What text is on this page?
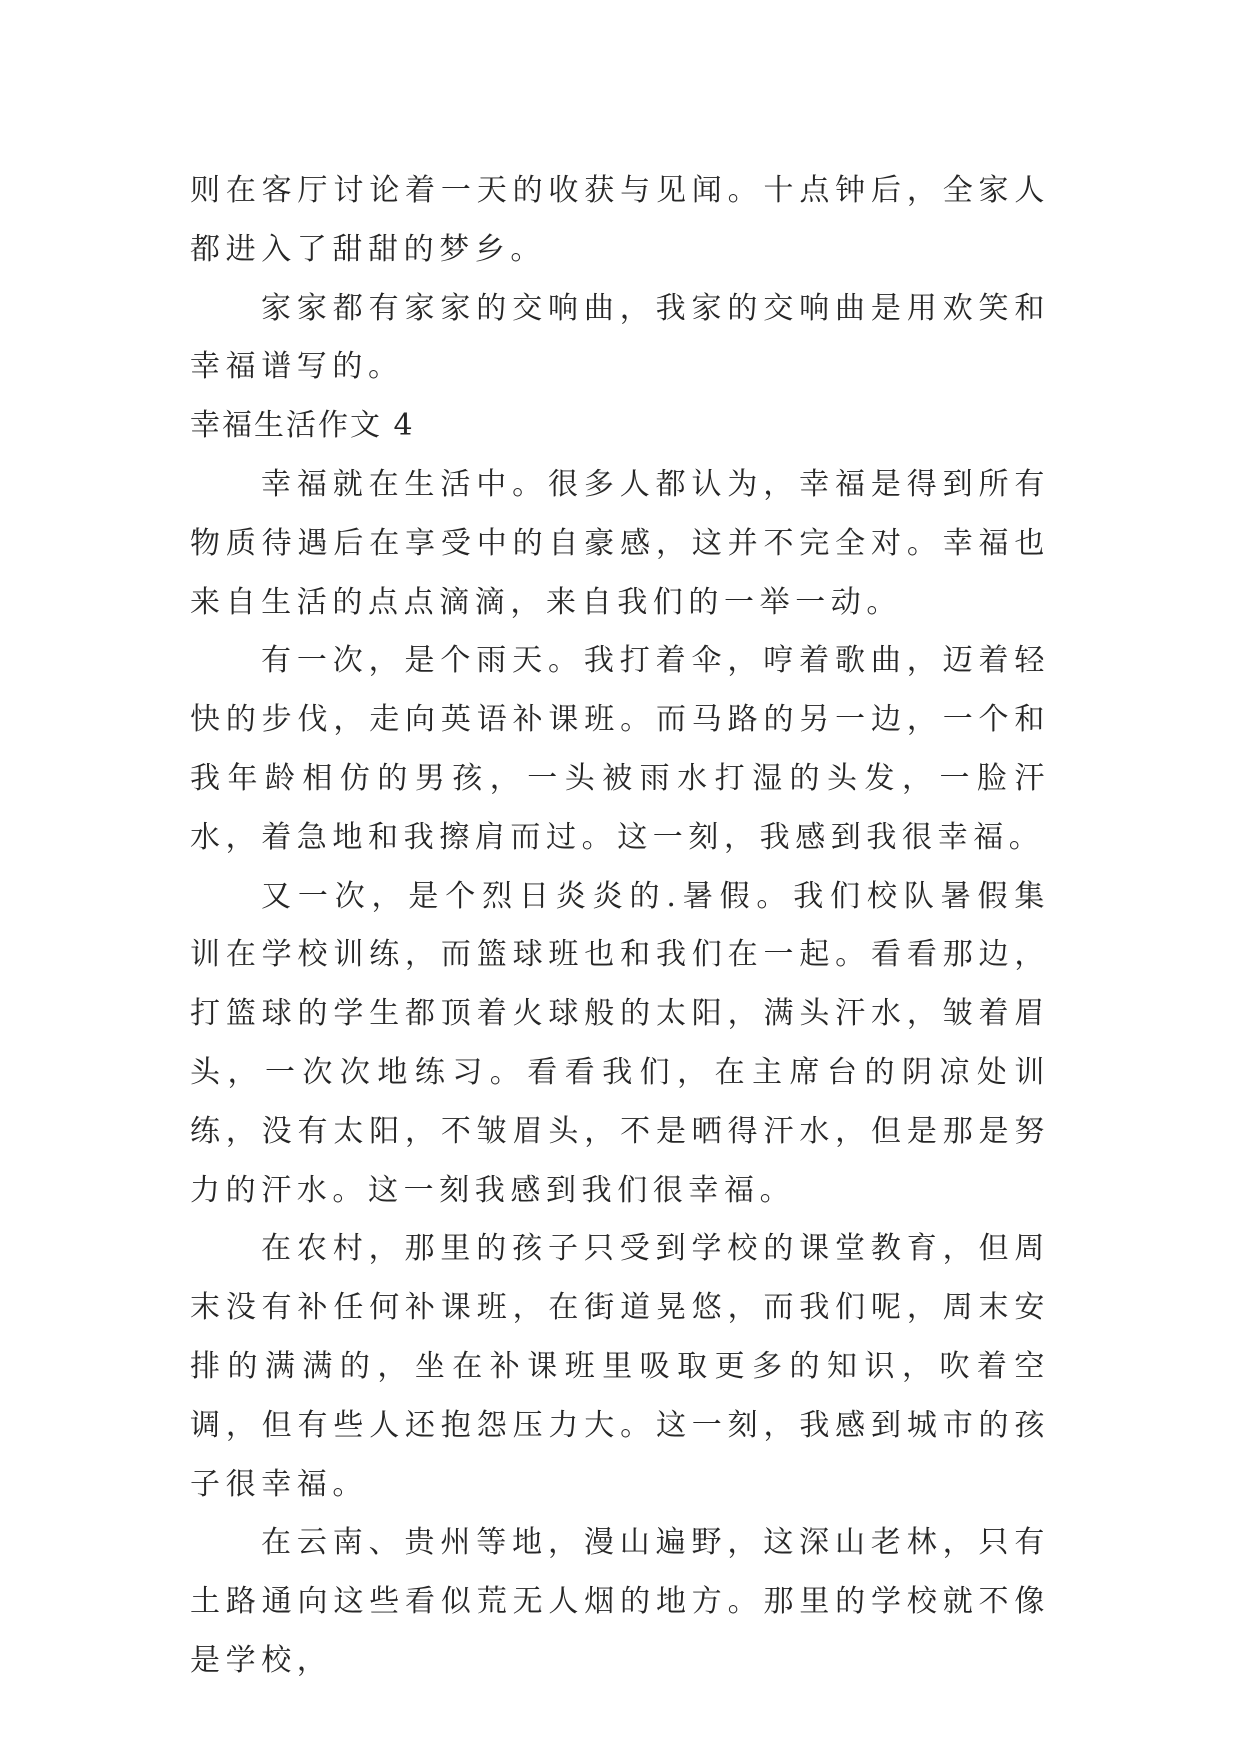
则在客厅讨论着一天的收获与见闻。十点钟后，全家人都进入了甜甜的梦乡。

家家都有家家的交响曲，我家的交响曲是用欢笑和幸福谱写的。

幸福生活作文 4

幸福就在生活中。很多人都认为，幸福是得到所有物质待遇后在享受中的自豪感，这并不完全对。幸福也来自生活的点点滴滴，来自我们的一举一动。

有一次，是个雨天。我打着伞，哼着歌曲，迈着轻快的步伐，走向英语补课班。而马路的另一边，一个和我年龄相仿的男孩，一头被雨水打湿的头发，一脸汗水，着急地和我擦肩而过。这一刻，我感到我很幸福。

又一次，是个烈日炎炎的.暑假。我们校队暑假集训在学校训练，而篮球班也和我们在一起。看看那边，打篮球的学生都顶着火球般的太阳，满头汗水，皱着眉头，一次次地练习。看看我们，在主席台的阴凉处训练，没有太阳，不皱眉头，不是晒得汗水，但是那是努力的汗水。这一刻我感到我们很幸福。

在农村，那里的孩子只受到学校的课堂教育，但周末没有补任何补课班，在街道晃悠，而我们呢，周末安排的满满的，坐在补课班里吸取更多的知识，吹着空调，但有些人还抱怨压力大。这一刻，我感到城市的孩子很幸福。

在云南、贵州等地，漫山遍野，这深山老林，只有土路通向这些看似荒无人烟的地方。那里的学校就不像是学校，
